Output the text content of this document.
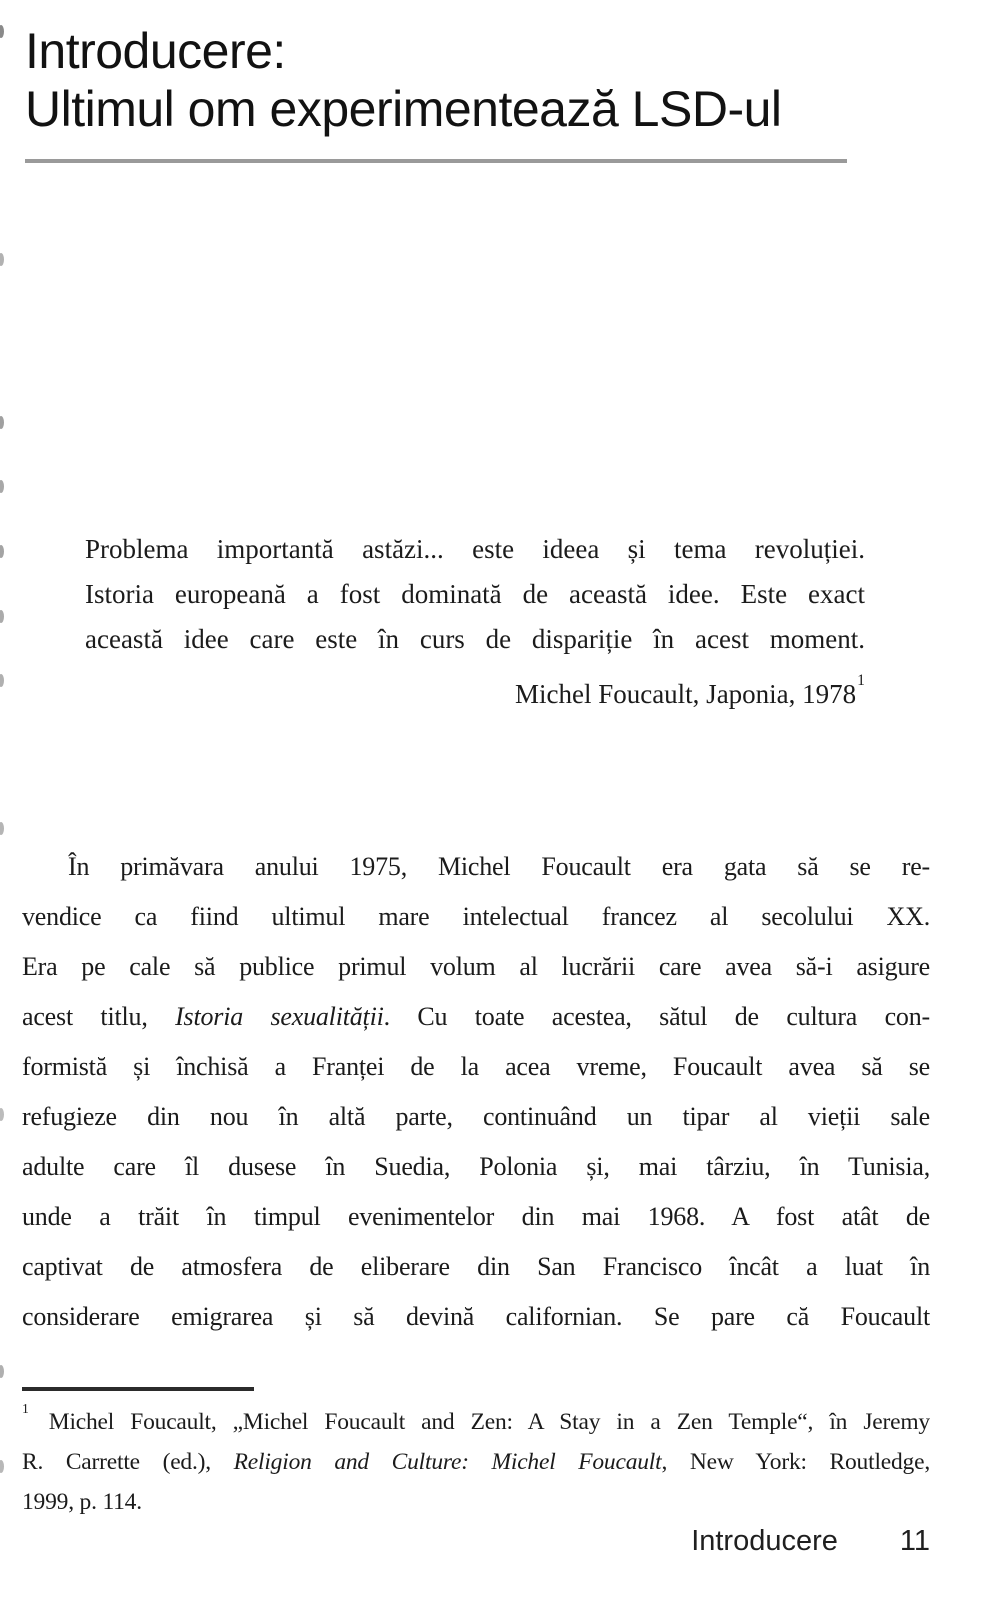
Introducere:
Ultimul om experimentează LSD-ul
Problema importantă astăzi... este ideea și tema revoluției.
Istoria europeană a fost dominată de această idee. Este exact
această idee care este în curs de dispariție în acest moment.
Michel Foucault, Japonia, 1978$^1$
În primăvara anului 1975, Michel Foucault era gata să se re-
vendice ca fiind ultimul mare intelectual francez al secolului XX.
Era pe cale să publice primul volum al lucrării care avea să-i asigure
acest titlu, Istoria sexualității. Cu toate acestea, sătul de cultura con-
formistă și închisă a Franței de la acea vreme, Foucault avea să se
refugieze din nou în altă parte, continuând un tipar al vieții sale
adulte care îl dusese în Suedia, Polonia și, mai târziu, în Tunisia,
unde a trăit în timpul evenimentelor din mai 1968. A fost atât de
captivat de atmosfera de eliberare din San Francisco încât a luat în
considerare emigrarea și să devină californian. Se pare că Foucault
$^1$ Michel Foucault, „Michel Foucault and Zen: A Stay in a Zen Temple“, în Jeremy
R. Carrette (ed.), Religion and Culture: Michel Foucault, New York: Routledge,
1999, p. 114.
Introducere 11
